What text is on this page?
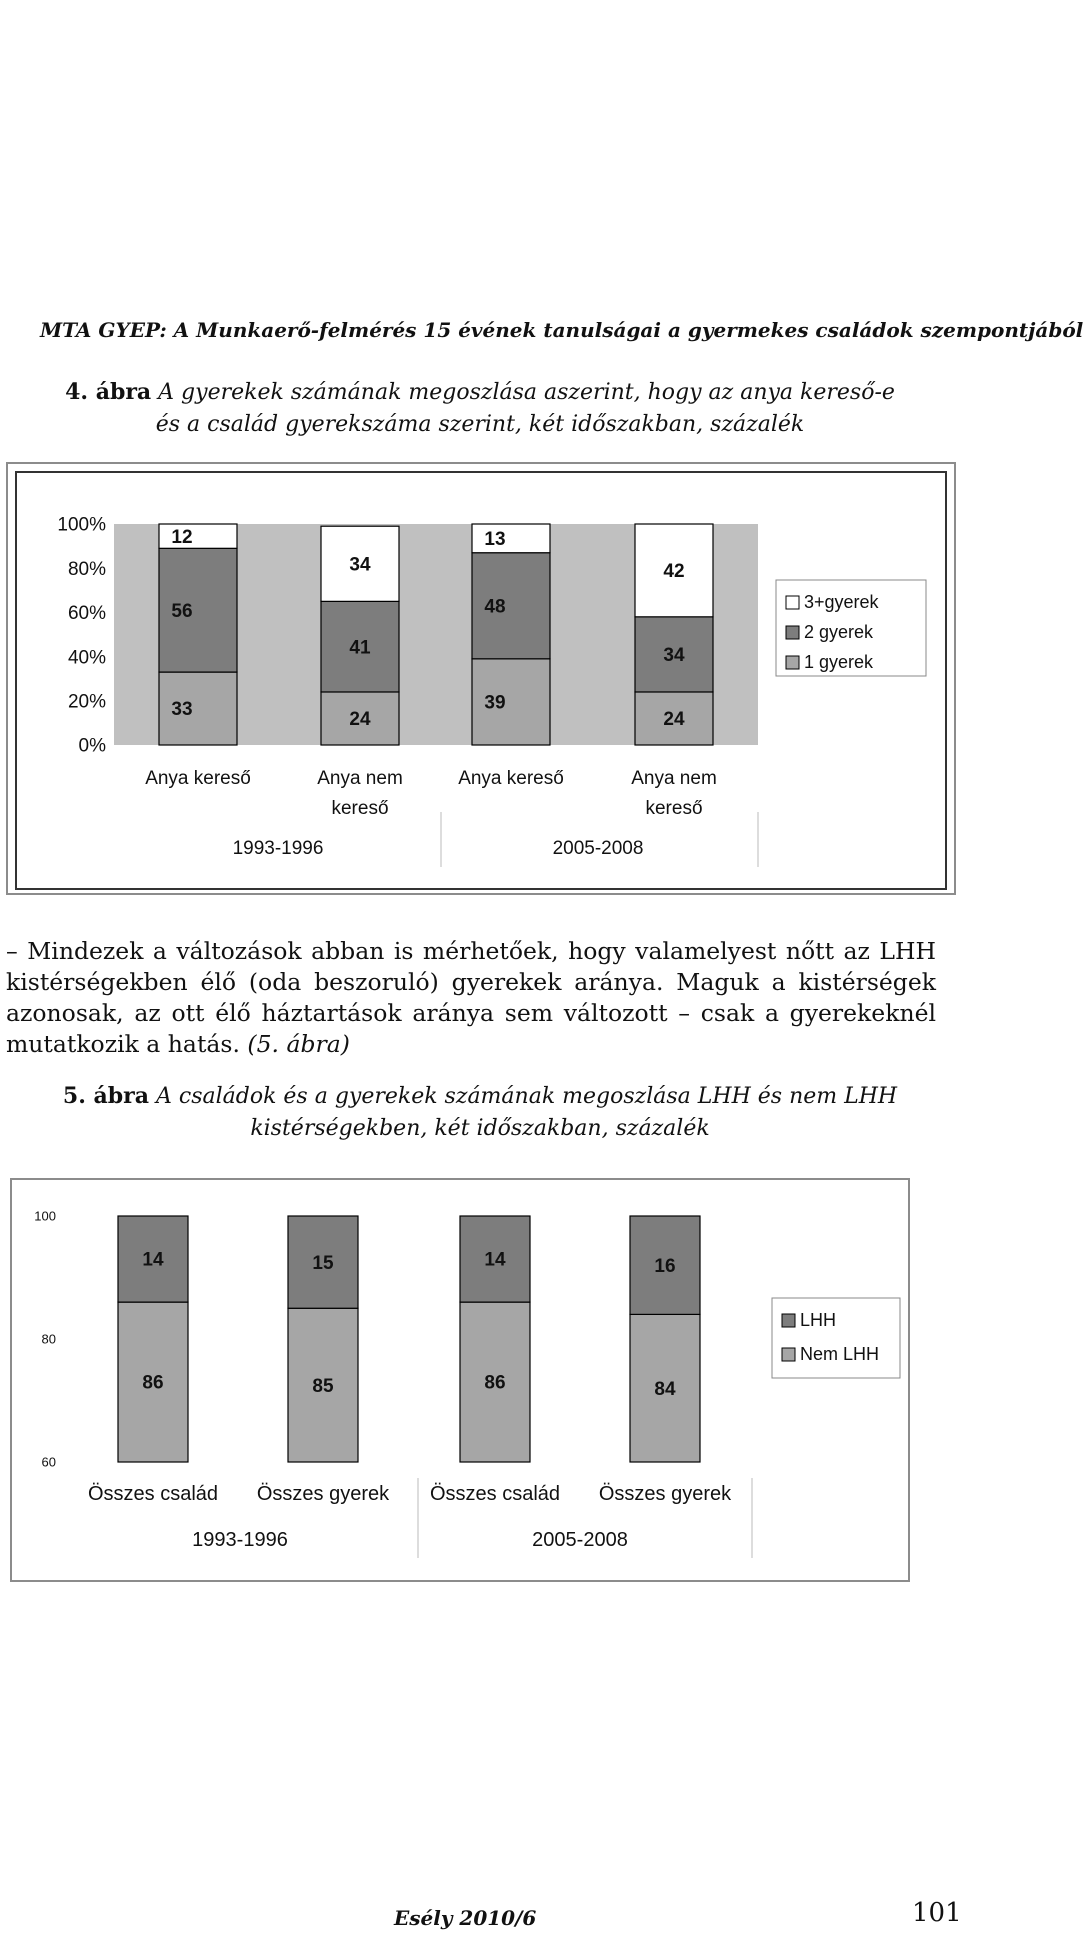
MTA GYEP: A Munkaerő-felmérés 15 évének tanulságai a gyermekes családok szempontjából
4. ábra A gyerekek számának megoszlása aszerint, hogy az anya kereső-e
és a család gyerekszáma szerint, két időszakban, százalék
100%
80%
60%
40%
20%
0%
33
56
12
24
41
34
39
48
13
24
34
42
Anya kereső	Anya nem
kereső
Anya kereső	Anya nem
kereső
1993-1996	2005-2008
3+gyerek
2 gyerek
1 gyerek
– Mindezek a változások abban is mérhetőek, hogy valamelyest nőtt az LHH kistérségekben élő (oda beszoruló) gyerekek aránya. Maguk a kistérségek azonosak, az ott élő háztartások aránya sem változott – csak a gyerekeknél mutatkozik a hatás. (5. ábra)
5. ábra A családok és a gyerekek számának megoszlása LHH és nem LHH
kistérségekben, két időszakban, százalék
100
80
60
86
14
85
15
86
14
84
16
Összes család Összes gyerek Összes család Összes gyerek
1993-1996	2005-2008
LHH
Nem LHH
Esély 2010/6	101
